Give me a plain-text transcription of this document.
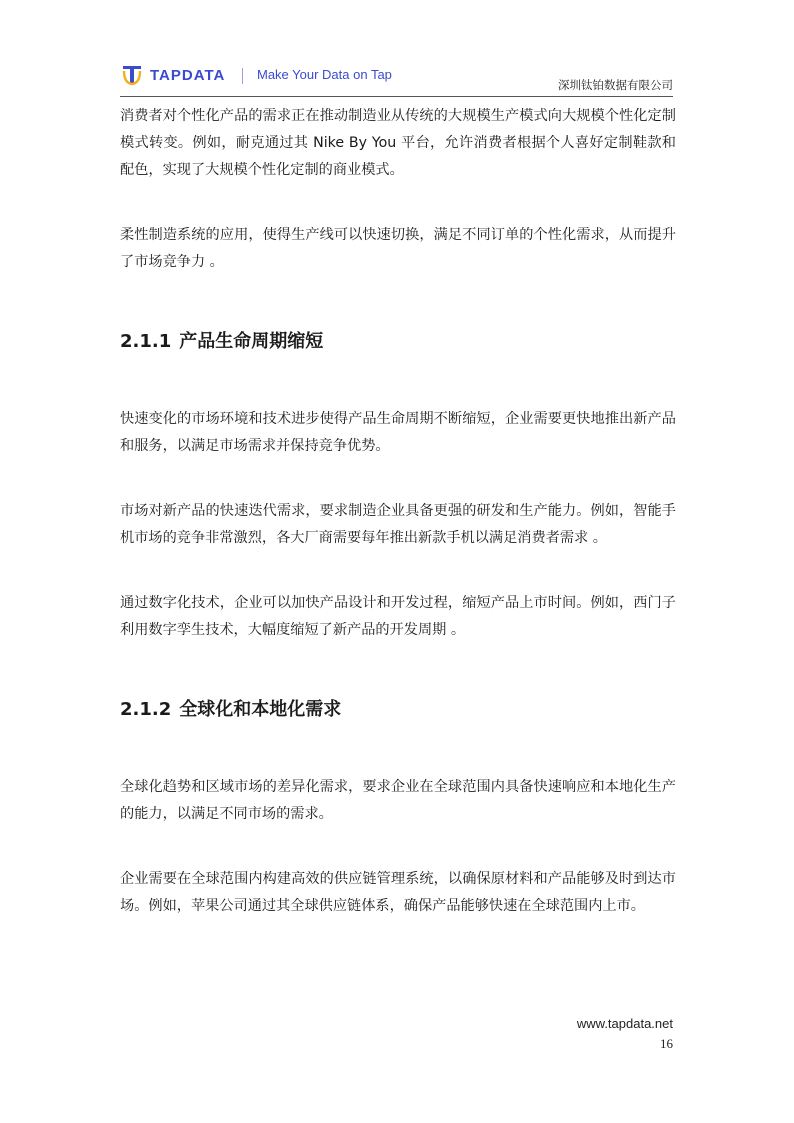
TAPDATA Make Your Data on Tap
深圳钛铂数据有限公司

消费者对个性化产品的需求正在推动制造业从传统的大规模生产模式向大规模个性化定制模式转变。例如，耐克通过其 Nike By You 平台，允许消费者根据个人喜好定制鞋款和配色，实现了大规模个性化定制的商业模式。

柔性制造系统的应用，使得生产线可以快速切换，满足不同订单的个性化需求，从而提升了市场竞争力 。

2.1.1 产品生命周期缩短

快速变化的市场环境和技术进步使得产品生命周期不断缩短，企业需要更快地推出新产品和服务，以满足市场需求并保持竞争优势。

市场对新产品的快速迭代需求，要求制造企业具备更强的研发和生产能力。例如，智能手机市场的竞争非常激烈，各大厂商需要每年推出新款手机以满足消费者需求 。

通过数字化技术，企业可以加快产品设计和开发过程，缩短产品上市时间。例如，西门子利用数字孪生技术，大幅度缩短了新产品的开发周期 。

2.1.2 全球化和本地化需求

全球化趋势和区域市场的差异化需求，要求企业在全球范围内具备快速响应和本地化生产的能力，以满足不同市场的需求。

企业需要在全球范围内构建高效的供应链管理系统，以确保原材料和产品能够及时到达市场。例如，苹果公司通过其全球供应链体系，确保产品能够快速在全球范围内上市。

www.tapdata.net
16
